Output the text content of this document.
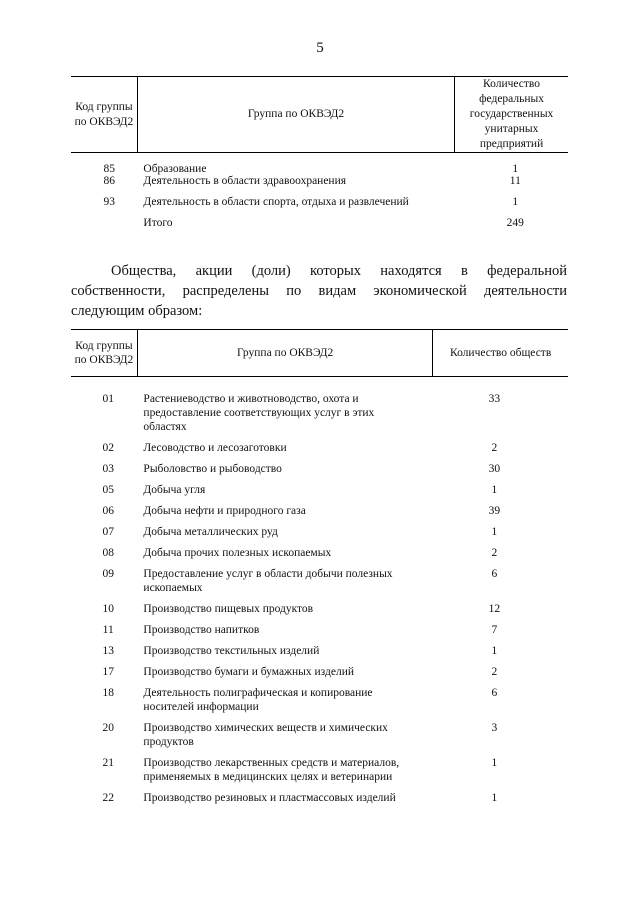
5
Код группы по ОКВЭД2	Группа по ОКВЭД2	Количество федеральных государственных унитарных предприятий
85	Образование	1
86	Деятельность в области здравоохранения	11
93	Деятельность в области спорта, отдыха и развлечений	1
	Итого	249

Общества, акции (доли) которых находятся в федеральной собственности, распределены по видам экономической деятельности следующим образом:

Код группы по ОКВЭД2	Группа по ОКВЭД2	Количество обществ
01	Растениеводство и животноводство, охота и предоставление соответствующих услуг в этих областях	33
02	Лесоводство и лесозаготовки	2
03	Рыболовство и рыбоводство	30
05	Добыча угля	1
06	Добыча нефти и природного газа	39
07	Добыча металлических руд	1
08	Добыча прочих полезных ископаемых	2
09	Предоставление услуг в области добычи полезных ископаемых	6
10	Производство пищевых продуктов	12
11	Производство напитков	7
13	Производство текстильных изделий	1
17	Производство бумаги и бумажных изделий	2
18	Деятельность полиграфическая и копирование носителей информации	6
20	Производство химических веществ и химических продуктов	3
21	Производство лекарственных средств и материалов, применяемых в медицинских целях и ветеринарии	1
22	Производство резиновых и пластмассовых изделий	1
